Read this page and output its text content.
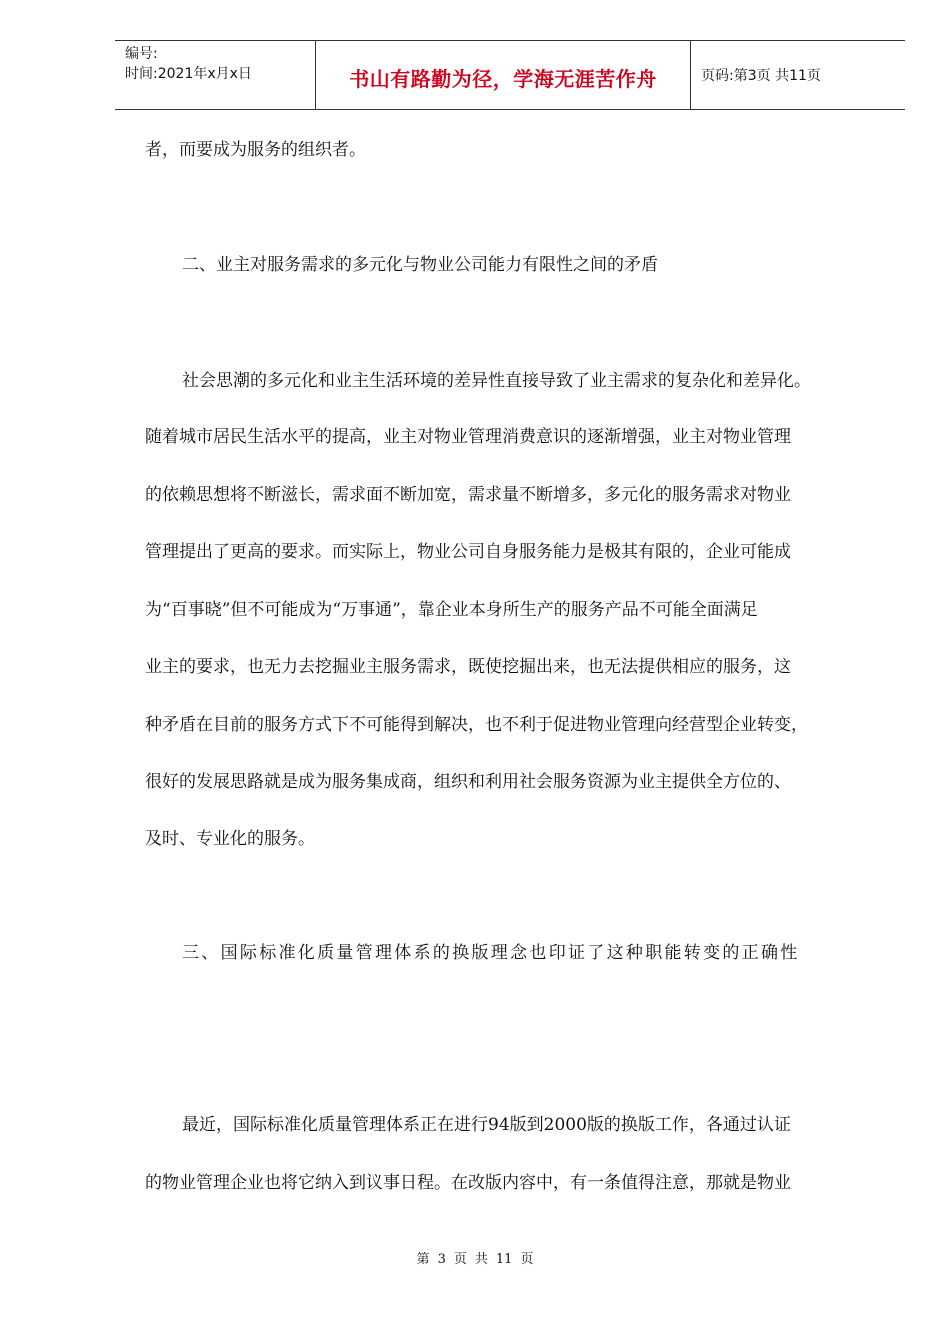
编号:
时间:2021年x月x日	书山有路勤为径，学海无涯苦作舟	页码:第3页 共11页
者，而要成为服务的组织者。
二、业主对服务需求的多元化与物业公司能力有限性之间的矛盾
社会思潮的多元化和业主生活环境的差异性直接导致了业主需求的复杂化和差异化。
随着城市居民生活水平的提高，业主对物业管理消费意识的逐渐增强，业主对物业管理
的依赖思想将不断滋长，需求面不断加宽，需求量不断增多，多元化的服务需求对物业
管理提出了更高的要求。而实际上，物业公司自身服务能力是极其有限的，企业可能成
为“百事晓”但不可能成为“万事通”，靠企业本身所生产的服务产品不可能全面满足
业主的要求，也无力去挖掘业主服务需求，既使挖掘出来，也无法提供相应的服务，这
种矛盾在目前的服务方式下不可能得到解决，也不利于促进物业管理向经营型企业转变，
很好的发展思路就是成为服务集成商，组织和利用社会服务资源为业主提供全方位的、
及时、专业化的服务。
三、国际标准化质量管理体系的换版理念也印证了这种职能转变的正确性
最近，国际标准化质量管理体系正在进行94版到2000版的换版工作，各通过认证
的物业管理企业也将它纳入到议事日程。在改版内容中，有一条值得注意，那就是物业
第 3 页 共 11 页
